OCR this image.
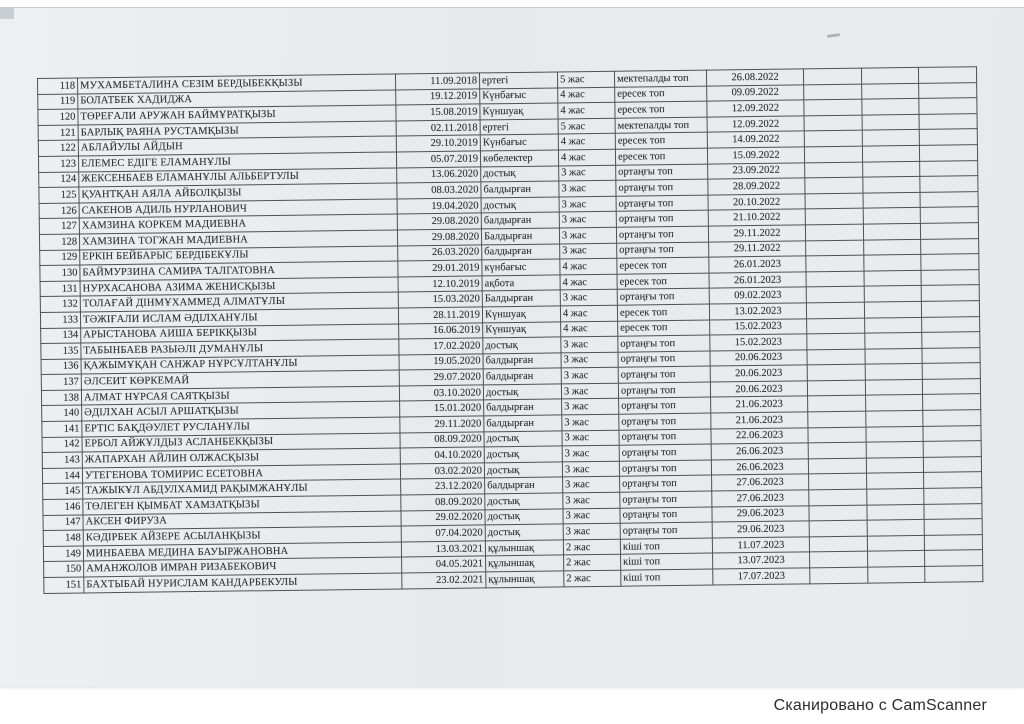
118	МУХАМБЕТАЛИНА СЕЗІМ БЕРДЫБЕКҚЫЗЫ	11.09.2018	ертегі	5 жас	мектепалды топ	26.08.2022			
119	БОЛАТБЕК ХАДИДЖА	19.12.2019	Күнбағыс	4 жас	ересек топ	09.09.2022			
120	ТӨРЕҒАЛИ АРУЖАН БАЙМҰРАТҚЫЗЫ	15.08.2019	Күншуақ	4 жас	ересек топ	12.09.2022			
121	БАРЛЫҚ РАЯНА РУСТАМҚЫЗЫ	02.11.2018	ертегі	5 жас	мектепалды топ	12.09.2022			
122	АБЛАЙУЛЫ АЙДЫН	29.10.2019	Күнбағыс	4 жас	ересек топ	14.09.2022			
123	ЕЛЕМЕС ЕДІГЕ ЕЛАМАНҰЛЫ	05.07.2019	көбелектер	4 жас	ересек топ	15.09.2022			
124	ЖЕКСЕНБАЕВ ЕЛАМАНҰЛЫ АЛЬБЕРТУЛЫ	13.06.2020	достық	3 жас	ортаңғы топ	23.09.2022			
125	ҚУАНТҚАН АЯЛА АЙБОЛҚЫЗЫ	08.03.2020	балдырған	3 жас	ортаңғы топ	28.09.2022			
126	САКЕНОВ АДИЛЬ НУРЛАНОВИЧ	19.04.2020	достық	3 жас	ортаңғы топ	20.10.2022			
127	ХАМЗИНА КОРКЕМ МАДИЕВНА	29.08.2020	балдырған	3 жас	ортаңғы топ	21.10.2022			
128	ХАМЗИНА ТОГЖАН МАДИЕВНА	29.08.2020	Балдырған	3 жас	ортаңғы топ	29.11.2022			
129	ЕРКІН БЕЙБАРЫС БЕРДІБЕКҰЛЫ	26.03.2020	балдырған	3 жас	ортаңғы топ	29.11.2022			
130	БАЙМУРЗИНА САМИРА ТАЛГАТОВНА	29.01.2019	күнбағыс	4 жас	ересек топ	26.01.2023			
131	НУРХАСАНОВА АЗИМА ЖЕНИСҚЫЗЫ	12.10.2019	ақбота	4 жас	ересек топ	26.01.2023			
132	ТОЛАҒАЙ ДІНМҰХАММЕД АЛМАТҰЛЫ	15.03.2020	Балдырған	3 жас	ортаңғы топ	09.02.2023			
133	ТӘЖІҒАЛИ ИСЛАМ ӘДІЛХАНҰЛЫ	28.11.2019	Күншуақ	4 жас	ересек топ	13.02.2023			
134	АРЫСТАНОВА АИША БЕРІКҚЫЗЫ	16.06.2019	Күншуақ	4 жас	ересек топ	15.02.2023			
135	ТАБЫНБАЕВ РАЗЫӘЛІ ДУМАНҰЛЫ	17.02.2020	достық	3 жас	ортаңғы топ	15.02.2023			
136	ҚАЖЫМҰҚАН САНЖАР НҰРСҰЛТАНҰЛЫ	19.05.2020	балдырған	3 жас	ортаңғы топ	20.06.2023			
137	ӘЛСЕИТ КӨРКЕМАЙ	29.07.2020	балдырған	3 жас	ортаңғы топ	20.06.2023			
138	АЛМАТ НҰРСАЯ САЯТҚЫЗЫ	03.10.2020	достық	3 жас	ортаңғы топ	20.06.2023			
140	ӘДІЛХАН АСЫЛ АРШАТҚЫЗЫ	15.01.2020	балдырған	3 жас	ортаңғы топ	21.06.2023			
141	ЕРТІС БАҚДӘУЛЕТ РУСЛАНҰЛЫ	29.11.2020	балдырған	3 жас	ортаңғы топ	21.06.2023			
142	ЕРБОЛ АЙЖҰЛДЫЗ АСЛАНБЕКҚЫЗЫ	08.09.2020	достық	3 жас	ортаңғы топ	22.06.2023			
143	ЖАПАРХАН АЙЛИН ОЛЖАСҚЫЗЫ	04.10.2020	достық	3 жас	ортаңғы топ	26.06.2023			
144	УТЕГЕНОВА ТОМИРИС ЕСЕТОВНА	03.02.2020	достық	3 жас	ортаңғы топ	26.06.2023			
145	ТАЖЫКҰЛ АБДУЛХАМИД РАҚЫМЖАНҰЛЫ	23.12.2020	балдырған	3 жас	ортаңғы топ	27.06.2023			
146	ТӨЛЕГЕН ҚЫМБАТ ХАМЗАТҚЫЗЫ	08.09.2020	достық	3 жас	ортаңғы топ	27.06.2023			
147	АКСЕН ФИРУЗА	29.02.2020	достық	3 жас	ортаңғы топ	29.06.2023			
148	КӘДІРБЕК АЙЗЕРЕ АСЫЛАНҚЫЗЫ	07.04.2020	достық	3 жас	ортаңғы топ	29.06.2023			
149	МИНБАЕВА МЕДИНА БАУЫРЖАНОВНА	13.03.2021	құлыншақ	2 жас	кіші топ	11.07.2023			
150	АМАНЖОЛОВ ИМРАН РИЗАБЕКОВИЧ	04.05.2021	құлыншақ	2 жас	кіші топ	13.07.2023			
151	БАХТЫБАЙ НУРИСЛАМ КАНДАРБЕКУЛЫ	23.02.2021	құлыншақ	2 жас	кіші топ	17.07.2023			
Сканировано с CamScanner
